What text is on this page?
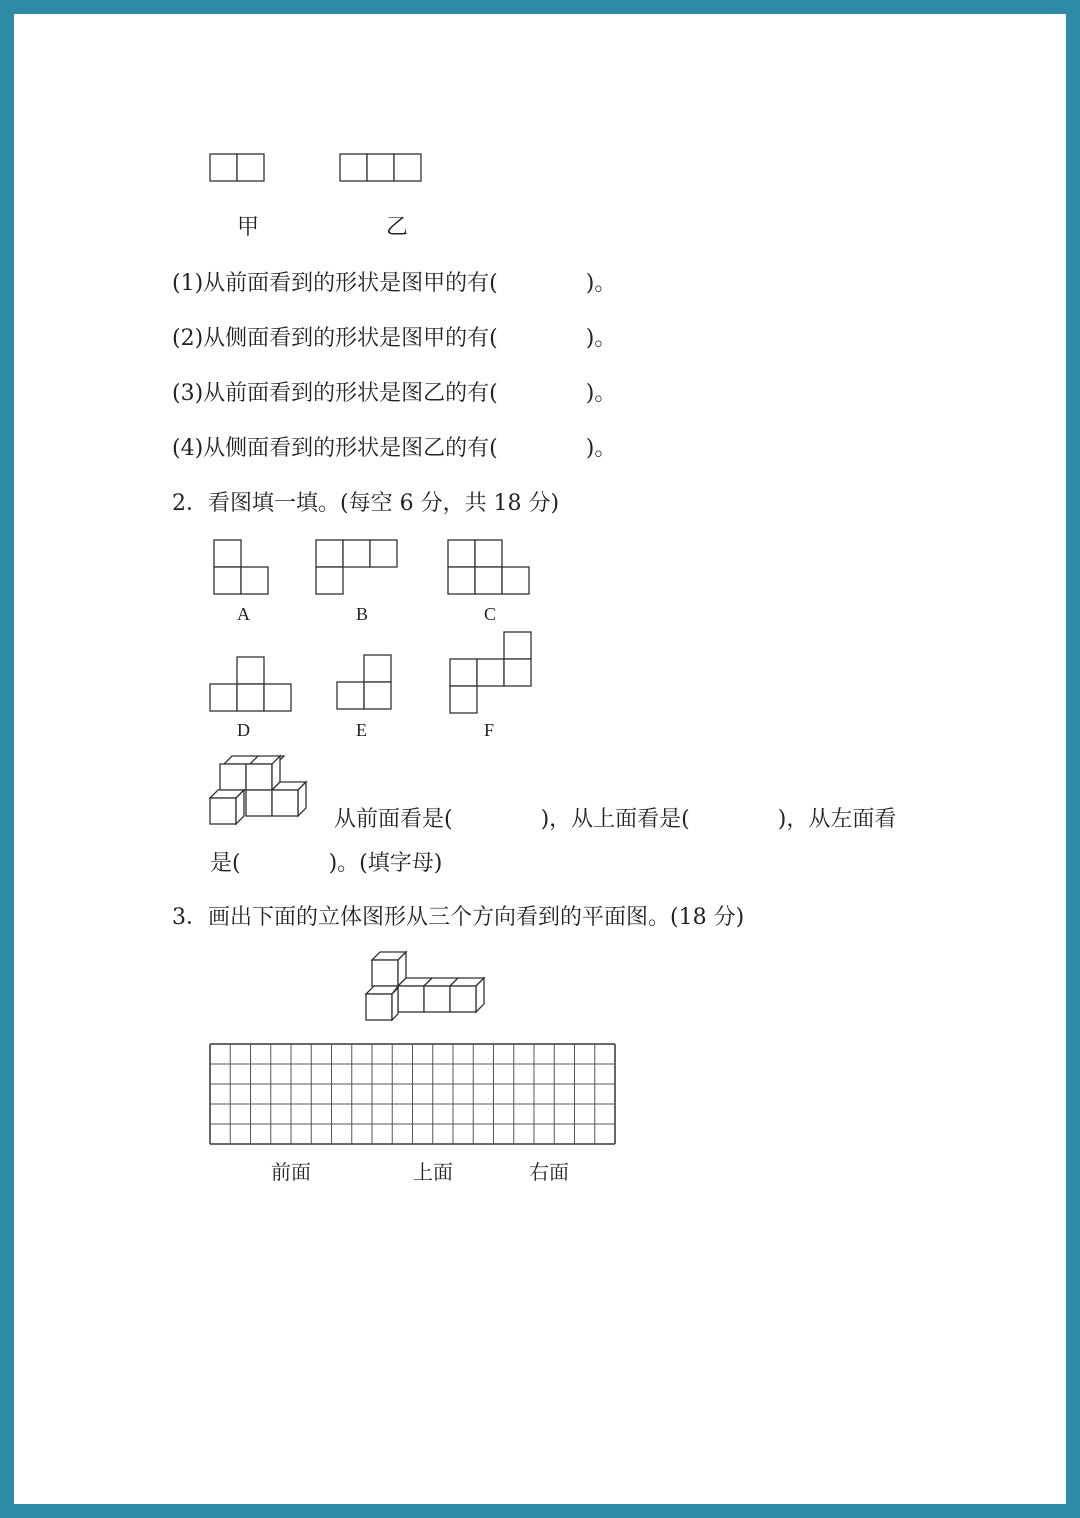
甲	乙
(1)从前面看到的形状是图甲的有(　　　　)。
(2)从侧面看到的形状是图甲的有(　　　　)。
(3)从前面看到的形状是图乙的有(　　　　)。
(4)从侧面看到的形状是图乙的有(　　　　)。
2．看图填一填。(每空 6 分，共 18 分)
A	B	C
D	E	F
从前面看是(　　　　)，从上面看是(　　　　)，从左面看
是(　　　　)。(填字母)
3．画出下面的立体图形从三个方向看到的平面图。(18 分)
前面	上面	右面
